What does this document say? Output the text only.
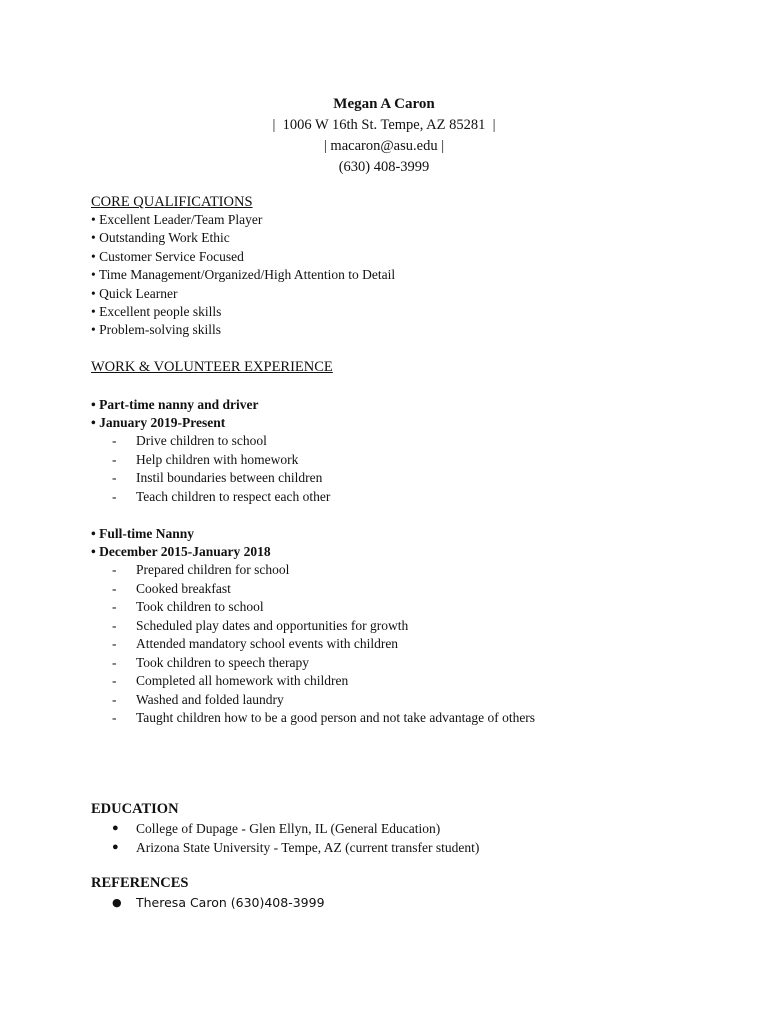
Megan A Caron
|  1006 W 16th St. Tempe, AZ 85281  |
| macaron@asu.edu |
(630) 408-3999
CORE QUALIFICATIONS
• Excellent Leader/Team Player
• Outstanding Work Ethic
• Customer Service Focused
• Time Management/Organized/High Attention to Detail
• Quick Learner
• Excellent people skills
• Problem-solving skills
WORK & VOLUNTEER EXPERIENCE
• Part-time nanny and driver
• January 2019-Present
- Drive children to school
- Help children with homework
- Instil boundaries between children
- Teach children to respect each other
• Full-time Nanny
• December 2015-January 2018
- Prepared children for school
- Cooked breakfast
- Took children to school
- Scheduled play dates and opportunities for growth
- Attended mandatory school events with children
- Took children to speech therapy
- Completed all homework with children
- Washed and folded laundry
- Taught children how to be a good person and not take advantage of others
EDUCATION
● College of Dupage - Glen Ellyn, IL (General Education)
● Arizona State University - Tempe, AZ (current transfer student)
REFERENCES
● Theresa Caron (630)408-3999
